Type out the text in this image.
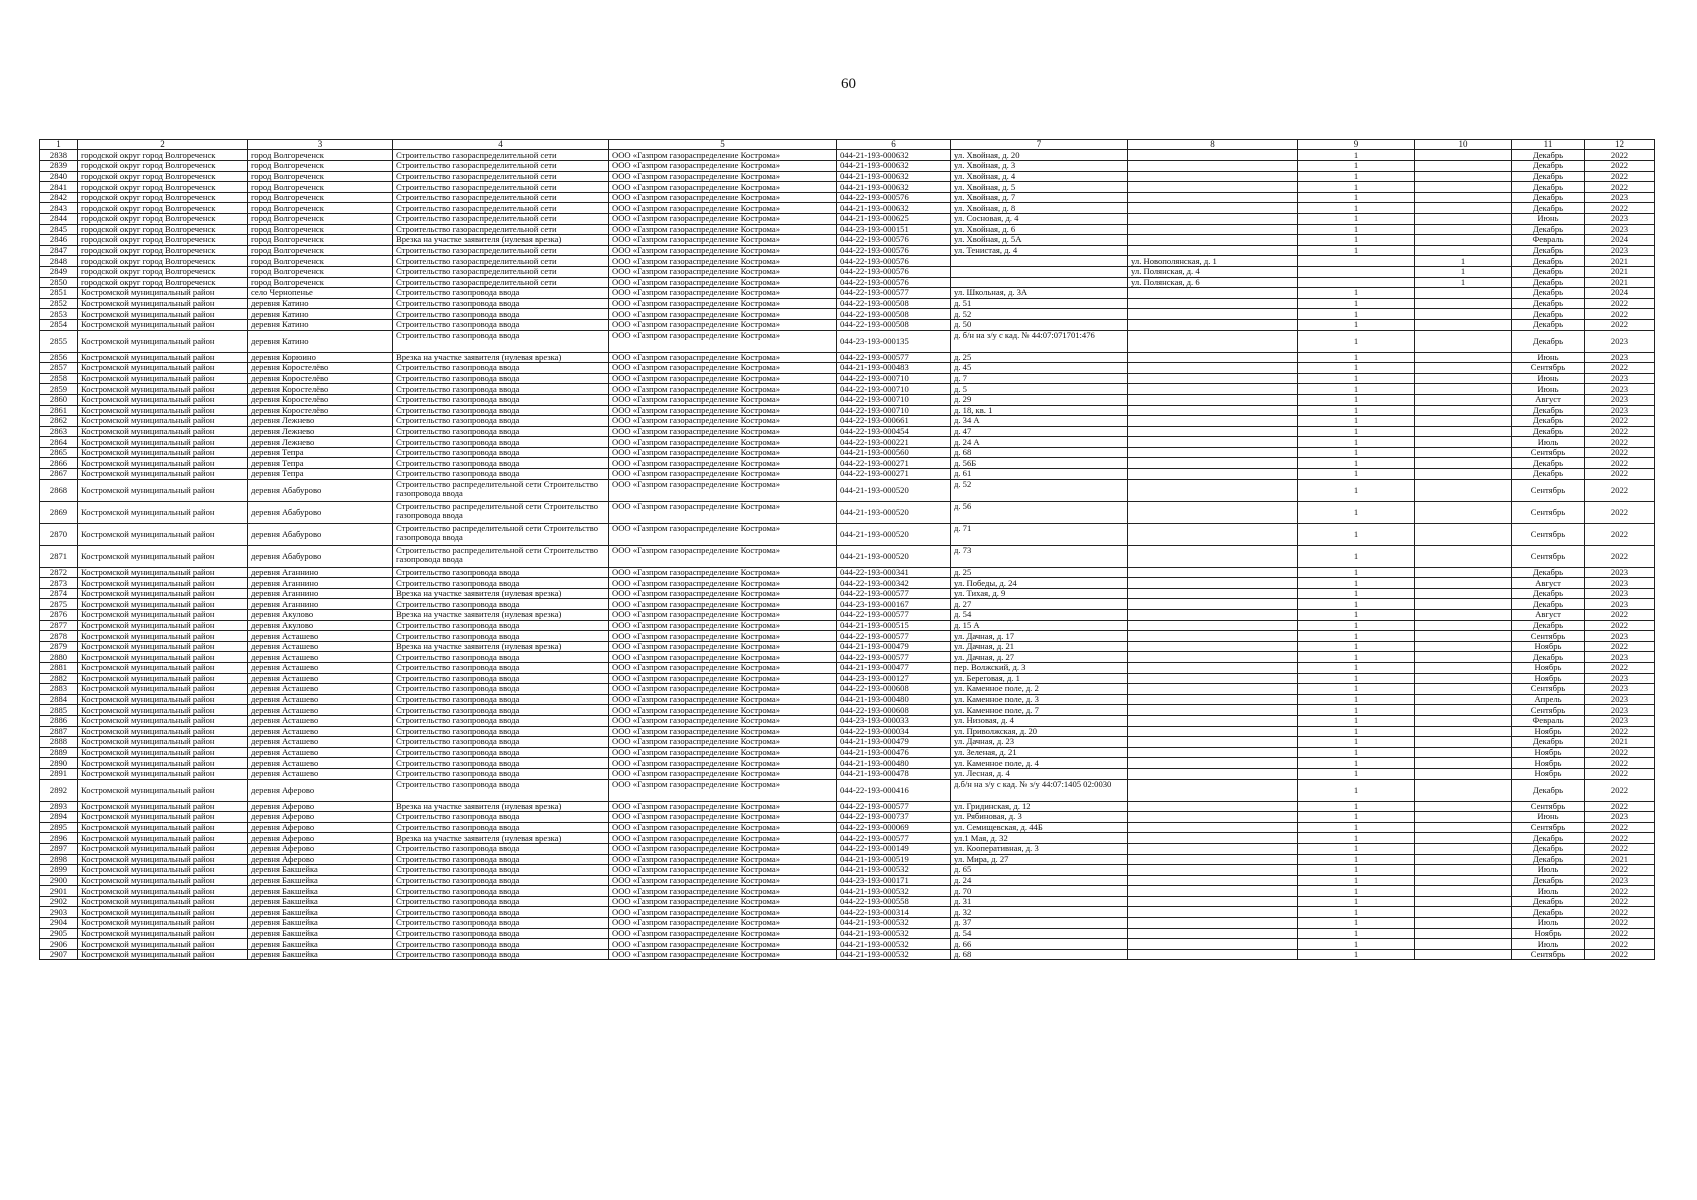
60
1	2	3	4	5	6	7	8	9	10	11	12
2838	городской округ город Волгореченск	город Волгореченск	Строительство газораспределительной сети	ООО «Газпром газораспределение Кострома»	044-21-193-000632	ул. Хвойная, д. 20		1		Декабрь	2022
2839	городской округ город Волгореченск	город Волгореченск	Строительство газораспределительной сети	ООО «Газпром газораспределение Кострома»	044-21-193-000632	ул. Хвойная, д. 3		1		Декабрь	2022
2840	городской округ город Волгореченск	город Волгореченск	Строительство газораспределительной сети	ООО «Газпром газораспределение Кострома»	044-21-193-000632	ул. Хвойная, д. 4		1		Декабрь	2022
2841	городской округ город Волгореченск	город Волгореченск	Строительство газораспределительной сети	ООО «Газпром газораспределение Кострома»	044-21-193-000632	ул. Хвойная, д. 5		1		Декабрь	2022
2842	городской округ город Волгореченск	город Волгореченск	Строительство газораспределительной сети	ООО «Газпром газораспределение Кострома»	044-22-193-000576	ул. Хвойная, д. 7		1		Декабрь	2023
2843	городской округ город Волгореченск	город Волгореченск	Строительство газораспределительной сети	ООО «Газпром газораспределение Кострома»	044-21-193-000632	ул. Хвойная, д. 8		1		Декабрь	2022
2844	городской округ город Волгореченск	город Волгореченск	Строительство газораспределительной сети	ООО «Газпром газораспределение Кострома»	044-21-193-000625	ул. Сосновая, д. 4		1		Июнь	2023
2845	городской округ город Волгореченск	город Волгореченск	Строительство газораспределительной сети	ООО «Газпром газораспределение Кострома»	044-23-193-000151	ул. Хвойная, д. 6		1		Декабрь	2023
2846	городской округ город Волгореченск	город Волгореченск	Врезка на участке заявителя (нулевая врезка)	ООО «Газпром газораспределение Кострома»	044-22-193-000576	ул. Хвойная, д. 5А		1		Февраль	2024
2847	городской округ город Волгореченск	город Волгореченск	Строительство газораспределительной сети	ООО «Газпром газораспределение Кострома»	044-22-193-000576	ул. Тенистая, д. 4		1		Декабрь	2023
2848	городской округ город Волгореченск	город Волгореченск	Строительство газораспределительной сети	ООО «Газпром газораспределение Кострома»	044-22-193-000576		ул. Новополянская, д. 1		1	Декабрь	2021
2849	городской округ город Волгореченск	город Волгореченск	Строительство газораспределительной сети	ООО «Газпром газораспределение Кострома»	044-22-193-000576		ул. Полянская, д. 4		1	Декабрь	2021
2850	городской округ город Волгореченск	город Волгореченск	Строительство газораспределительной сети	ООО «Газпром газораспределение Кострома»	044-22-193-000576		ул. Полянская, д. 6		1	Декабрь	2021
2851	Костромской муниципальный район	село Чернопенье	Строительство газопровода ввода	ООО «Газпром газораспределение Кострома»	044-22-193-000577	ул. Школьная, д. 3А		1		Декабрь	2024
2852	Костромской муниципальный район	деревня Катино	Строительство газопровода ввода	ООО «Газпром газораспределение Кострома»	044-22-193-000508	д. 51		1		Декабрь	2022
2853	Костромской муниципальный район	деревня Катино	Строительство газопровода ввода	ООО «Газпром газораспределение Кострома»	044-22-193-000508	д. 52		1		Декабрь	2022
2854	Костромской муниципальный район	деревня Катино	Строительство газопровода ввода	ООО «Газпром газораспределение Кострома»	044-22-193-000508	д. 50		1		Декабрь	2022
2855	Костромской муниципальный район	деревня Катино	Строительство газопровода ввода	ООО «Газпром газораспределение Кострома»	044-23-193-000135	д. б/н на з/у с кад. № 44:07:071701:476		1		Декабрь	2023
2856	Костромской муниципальный район	деревня Корюино	Врезка на участке заявителя (нулевая врезка)	ООО «Газпром газораспределение Кострома»	044-22-193-000577	д. 25		1		Июнь	2023
2857	Костромской муниципальный район	деревня Коростелёво	Строительство газопровода ввода	ООО «Газпром газораспределение Кострома»	044-21-193-000483	д. 45		1		Сентябрь	2022
2858	Костромской муниципальный район	деревня Коростелёво	Строительство газопровода ввода	ООО «Газпром газораспределение Кострома»	044-22-193-000710	д. 7		1		Июнь	2023
2859	Костромской муниципальный район	деревня Коростелёво	Строительство газопровода ввода	ООО «Газпром газораспределение Кострома»	044-22-193-000710	д. 5		1		Июнь	2023
2860	Костромской муниципальный район	деревня Коростелёво	Строительство газопровода ввода	ООО «Газпром газораспределение Кострома»	044-22-193-000710	д. 29		1		Август	2023
2861	Костромской муниципальный район	деревня Коростелёво	Строительство газопровода ввода	ООО «Газпром газораспределение Кострома»	044-22-193-000710	д. 18, кв. 1		1		Декабрь	2023
2862	Костромской муниципальный район	деревня Лежнево	Строительство газопровода ввода	ООО «Газпром газораспределение Кострома»	044-22-193-000661	д. 34 А		1		Декабрь	2022
2863	Костромской муниципальный район	деревня Лежнево	Строительство газопровода ввода	ООО «Газпром газораспределение Кострома»	044-22-193-000454	д. 47		1		Декабрь	2022
2864	Костромской муниципальный район	деревня Лежнево	Строительство газопровода ввода	ООО «Газпром газораспределение Кострома»	044-22-193-000221	д. 24 А		1		Июль	2022
2865	Костромской муниципальный район	деревня Тепра	Строительство газопровода ввода	ООО «Газпром газораспределение Кострома»	044-21-193-000560	д. 68		1		Сентябрь	2022
2866	Костромской муниципальный район	деревня Тепра	Строительство газопровода ввода	ООО «Газпром газораспределение Кострома»	044-22-193-000271	д. 56Б		1		Декабрь	2022
2867	Костромской муниципальный район	деревня Тепра	Строительство газопровода ввода	ООО «Газпром газораспределение Кострома»	044-22-193-000271	д. 61		1		Декабрь	2022
2868	Костромской муниципальный район	деревня Абабурово	Строительство распределительной сети Строительство газопровода ввода	ООО «Газпром газораспределение Кострома»	044-21-193-000520	д. 52		1		Сентябрь	2022
2869	Костромской муниципальный район	деревня Абабурово	Строительство распределительной сети Строительство газопровода ввода	ООО «Газпром газораспределение Кострома»	044-21-193-000520	д. 56		1		Сентябрь	2022
2870	Костромской муниципальный район	деревня Абабурово	Строительство распределительной сети Строительство газопровода ввода	ООО «Газпром газораспределение Кострома»	044-21-193-000520	д. 71		1		Сентябрь	2022
2871	Костромской муниципальный район	деревня Абабурово	Строительство распределительной сети Строительство газопровода ввода	ООО «Газпром газораспределение Кострома»	044-21-193-000520	д. 73		1		Сентябрь	2022
2872	Костромской муниципальный район	деревня Аганнино	Строительство газопровода ввода	ООО «Газпром газораспределение Кострома»	044-22-193-000341	д. 25		1		Декабрь	2023
2873	Костромской муниципальный район	деревня Аганнино	Строительство газопровода ввода	ООО «Газпром газораспределение Кострома»	044-22-193-000342	ул. Победы, д. 24		1		Август	2023
2874	Костромской муниципальный район	деревня Аганнино	Врезка на участке заявителя (нулевая врезка)	ООО «Газпром газораспределение Кострома»	044-22-193-000577	ул. Тихая, д. 9		1		Декабрь	2023
2875	Костромской муниципальный район	деревня Аганнино	Строительство газопровода ввода	ООО «Газпром газораспределение Кострома»	044-23-193-000167	д. 27		1		Декабрь	2023
2876	Костромской муниципальный район	деревня Акулово	Врезка на участке заявителя (нулевая врезка)	ООО «Газпром газораспределение Кострома»	044-22-193-000577	д. 54		1		Август	2022
2877	Костромской муниципальный район	деревня Акулово	Строительство газопровода ввода	ООО «Газпром газораспределение Кострома»	044-21-193-000515	д. 15 А		1		Декабрь	2022
2878	Костромской муниципальный район	деревня Асташево	Строительство газопровода ввода	ООО «Газпром газораспределение Кострома»	044-22-193-000577	ул. Дачная, д. 17		1		Сентябрь	2023
2879	Костромской муниципальный район	деревня Асташево	Врезка на участке заявителя (нулевая врезка)	ООО «Газпром газораспределение Кострома»	044-21-193-000479	ул. Дачная, д. 21		1		Ноябрь	2022
2880	Костромской муниципальный район	деревня Асташево	Строительство газопровода ввода	ООО «Газпром газораспределение Кострома»	044-22-193-000577	ул. Дачная, д. 27		1		Декабрь	2023
2881	Костромской муниципальный район	деревня Асташево	Строительство газопровода ввода	ООО «Газпром газораспределение Кострома»	044-21-193-000477	пер. Волжский, д. 3		1		Ноябрь	2022
2882	Костромской муниципальный район	деревня Асташево	Строительство газопровода ввода	ООО «Газпром газораспределение Кострома»	044-23-193-000127	ул. Береговая, д. 1		1		Ноябрь	2023
2883	Костромской муниципальный район	деревня Асташево	Строительство газопровода ввода	ООО «Газпром газораспределение Кострома»	044-22-193-000608	ул. Каменное поле, д. 2		1		Сентябрь	2023
2884	Костромской муниципальный район	деревня Асташево	Строительство газопровода ввода	ООО «Газпром газораспределение Кострома»	044-21-193-000480	ул. Каменное поле, д. 3		1		Апрель	2023
2885	Костромской муниципальный район	деревня Асташево	Строительство газопровода ввода	ООО «Газпром газораспределение Кострома»	044-22-193-000608	ул. Каменное поле, д. 7		1		Сентябрь	2023
2886	Костромской муниципальный район	деревня Асташево	Строительство газопровода ввода	ООО «Газпром газораспределение Кострома»	044-23-193-000033	ул. Низовая, д. 4		1		Февраль	2023
2887	Костромской муниципальный район	деревня Асташево	Строительство газопровода ввода	ООО «Газпром газораспределение Кострома»	044-22-193-000034	ул. Приволжская, д. 20		1		Ноябрь	2022
2888	Костромской муниципальный район	деревня Асташево	Строительство газопровода ввода	ООО «Газпром газораспределение Кострома»	044-21-193-000479	ул. Дачная, д. 23		1		Декабрь	2021
2889	Костромской муниципальный район	деревня Асташево	Строительство газопровода ввода	ООО «Газпром газораспределение Кострома»	044-21-193-000476	ул. Зеленая, д. 21		1		Ноябрь	2022
2890	Костромской муниципальный район	деревня Асташево	Строительство газопровода ввода	ООО «Газпром газораспределение Кострома»	044-21-193-000480	ул. Каменное поле, д. 4		1		Ноябрь	2022
2891	Костромской муниципальный район	деревня Асташево	Строительство газопровода ввода	ООО «Газпром газораспределение Кострома»	044-21-193-000478	ул. Лесная, д. 4		1		Ноябрь	2022
2892	Костромской муниципальный район	деревня Аферово	Строительство газопровода ввода	ООО «Газпром газораспределение Кострома»	044-22-193-000416	д.б/н на з/у с кад. № з/у 44:07:1405 02:0030		1		Декабрь	2022
2893	Костромской муниципальный район	деревня Аферово	Врезка на участке заявителя (нулевая врезка)	ООО «Газпром газораспределение Кострома»	044-22-193-000577	ул. Гридинская, д. 12		1		Сентябрь	2022
2894	Костромской муниципальный район	деревня Аферово	Строительство газопровода ввода	ООО «Газпром газораспределение Кострома»	044-22-193-000737	ул. Рябиновая, д. 3		1		Июнь	2023
2895	Костромской муниципальный район	деревня Аферово	Строительство газопровода ввода	ООО «Газпром газораспределение Кострома»	044-22-193-000069	ул. Семищевская, д. 44Б		1		Сентябрь	2022
2896	Костромской муниципальный район	деревня Аферово	Врезка на участке заявителя (нулевая врезка)	ООО «Газпром газораспределение Кострома»	044-22-193-000577	ул.1 Мая, д. 32		1		Декабрь	2022
2897	Костромской муниципальный район	деревня Аферово	Строительство газопровода ввода	ООО «Газпром газораспределение Кострома»	044-22-193-000149	ул. Кооперативная, д. 3		1		Декабрь	2022
2898	Костромской муниципальный район	деревня Аферово	Строительство газопровода ввода	ООО «Газпром газораспределение Кострома»	044-21-193-000519	ул. Мира, д. 27		1		Декабрь	2021
2899	Костромской муниципальный район	деревня Бакшейка	Строительство газопровода ввода	ООО «Газпром газораспределение Кострома»	044-21-193-000532	д. 65		1		Июль	2022
2900	Костромской муниципальный район	деревня Бакшейка	Строительство газопровода ввода	ООО «Газпром газораспределение Кострома»	044-23-193-000171	д. 24		1		Декабрь	2023
2901	Костромской муниципальный район	деревня Бакшейка	Строительство газопровода ввода	ООО «Газпром газораспределение Кострома»	044-21-193-000532	д. 70		1		Июль	2022
2902	Костромской муниципальный район	деревня Бакшейка	Строительство газопровода ввода	ООО «Газпром газораспределение Кострома»	044-22-193-000558	д. 31		1		Декабрь	2022
2903	Костромской муниципальный район	деревня Бакшейка	Строительство газопровода ввода	ООО «Газпром газораспределение Кострома»	044-22-193-000314	д. 32		1		Декабрь	2022
2904	Костромской муниципальный район	деревня Бакшейка	Строительство газопровода ввода	ООО «Газпром газораспределение Кострома»	044-21-193-000532	д. 37		1		Июль	2022
2905	Костромской муниципальный район	деревня Бакшейка	Строительство газопровода ввода	ООО «Газпром газораспределение Кострома»	044-21-193-000532	д. 54		1		Ноябрь	2022
2906	Костромской муниципальный район	деревня Бакшейка	Строительство газопровода ввода	ООО «Газпром газораспределение Кострома»	044-21-193-000532	д. 66		1		Июль	2022
2907	Костромской муниципальный район	деревня Бакшейка	Строительство газопровода ввода	ООО «Газпром газораспределение Кострома»	044-21-193-000532	д. 68		1		Сентябрь	2022
